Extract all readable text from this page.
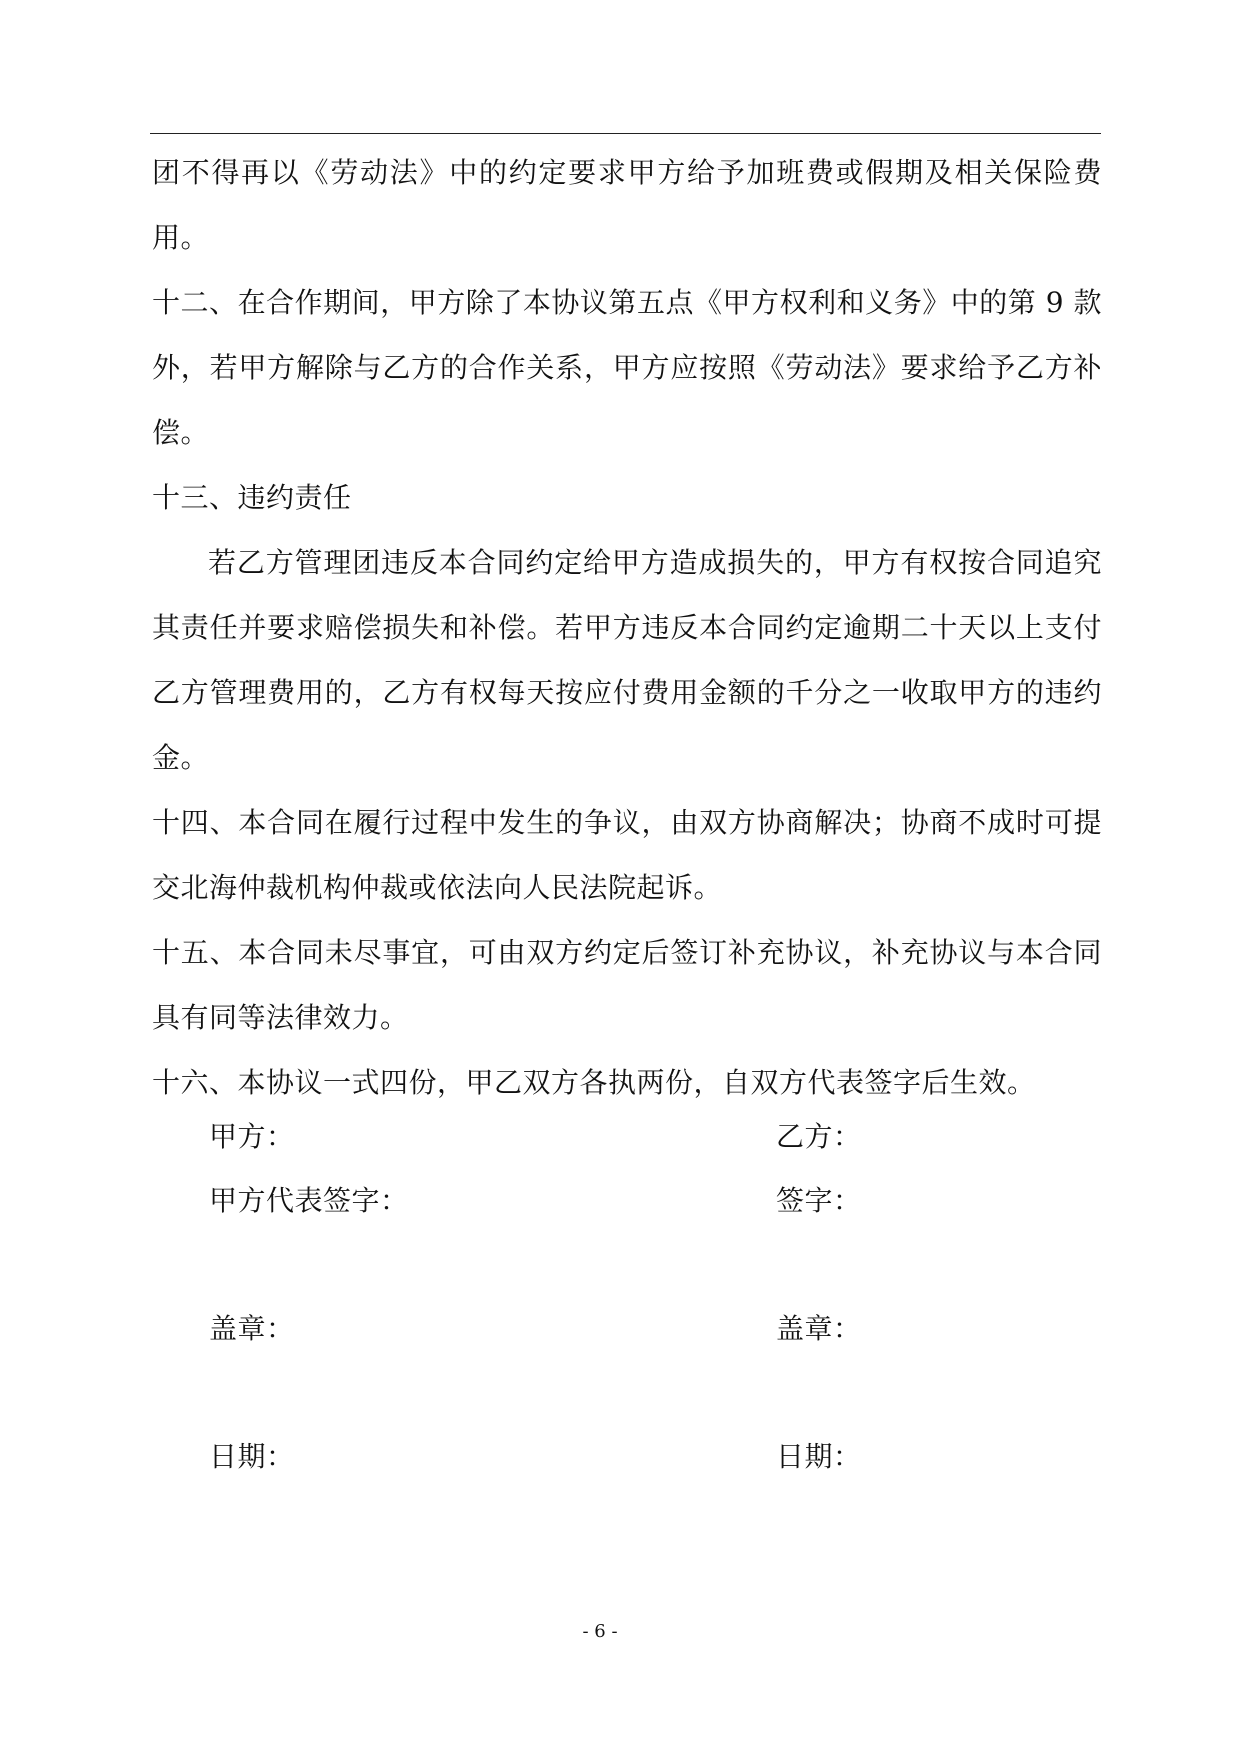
团不得再以《劳动法》中的约定要求甲方给予加班费或假期及相关保险费用。

十二、在合作期间，甲方除了本协议第五点《甲方权利和义务》中的第 9 款外，若甲方解除与乙方的合作关系，甲方应按照《劳动法》要求给予乙方补偿。

十三、违约责任

若乙方管理团违反本合同约定给甲方造成损失的，甲方有权按合同追究其责任并要求赔偿损失和补偿。若甲方违反本合同约定逾期二十天以上支付乙方管理费用的，乙方有权每天按应付费用金额的千分之一收取甲方的违约金。

十四、本合同在履行过程中发生的争议，由双方协商解决；协商不成时可提交北海仲裁机构仲裁或依法向人民法院起诉。

十五、本合同未尽事宜，可由双方约定后签订补充协议，补充协议与本合同具有同等法律效力。

十六、本协议一式四份，甲乙双方各执两份，自双方代表签字后生效。

甲方：	乙方：
甲方代表签字：	签字：
盖章：	盖章：
日期：	日期：
- 6 -
